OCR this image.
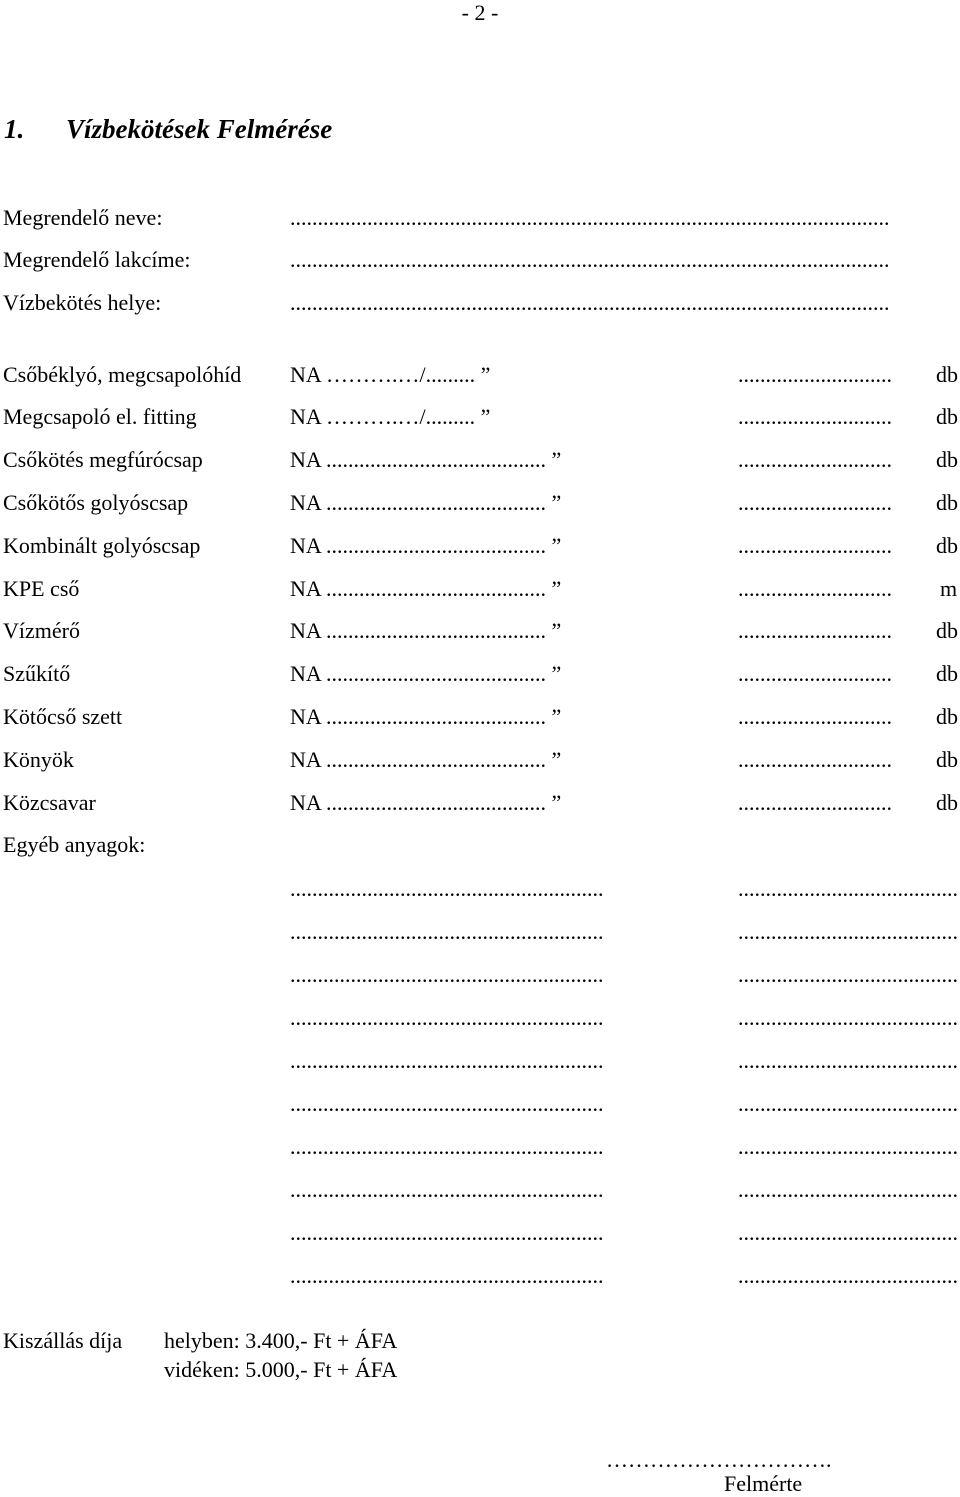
- 2 -
1. Vízbekötések Felmérése
Megrendelő neve:	.............................................................................................................
Megrendelő lakcíme:	.............................................................................................................
Vízbekötés helye:	.............................................................................................................
Csőbéklyó, megcsapolóhíd NA ……….…/......... ”	............................ db
Megcsapoló el. fitting	NA ……….…/......... ”	............................ db
Csőkötés megfúrócsap	NA ........................................ ”	............................ db
Csőkötős golyóscsap	NA ........................................ ”	............................ db
Kombinált golyóscsap	NA ........................................ ”	............................ db
KPE cső	NA ........................................ ”	............................ m
Vízmérő	NA ........................................ ”	............................ db
Szűkítő	NA ........................................ ”	............................ db
Kötőcső szett	NA ........................................ ”	............................ db
Könyök	NA ........................................ ”	............................ db
Közcsavar	NA ........................................ ”	............................ db
Egyéb anyagok:
.........................................................	........................................
.........................................................	........................................
.........................................................	........................................
.........................................................	........................................
.........................................................	........................................
.........................................................	........................................
.........................................................	........................................
.........................................................	........................................
.........................................................	........................................
.........................................................	........................................
Kiszállás díja helyben: 3.400,- Ft + ÁFA
vidéken: 5.000,- Ft + ÁFA
………………………….
Felmérte
